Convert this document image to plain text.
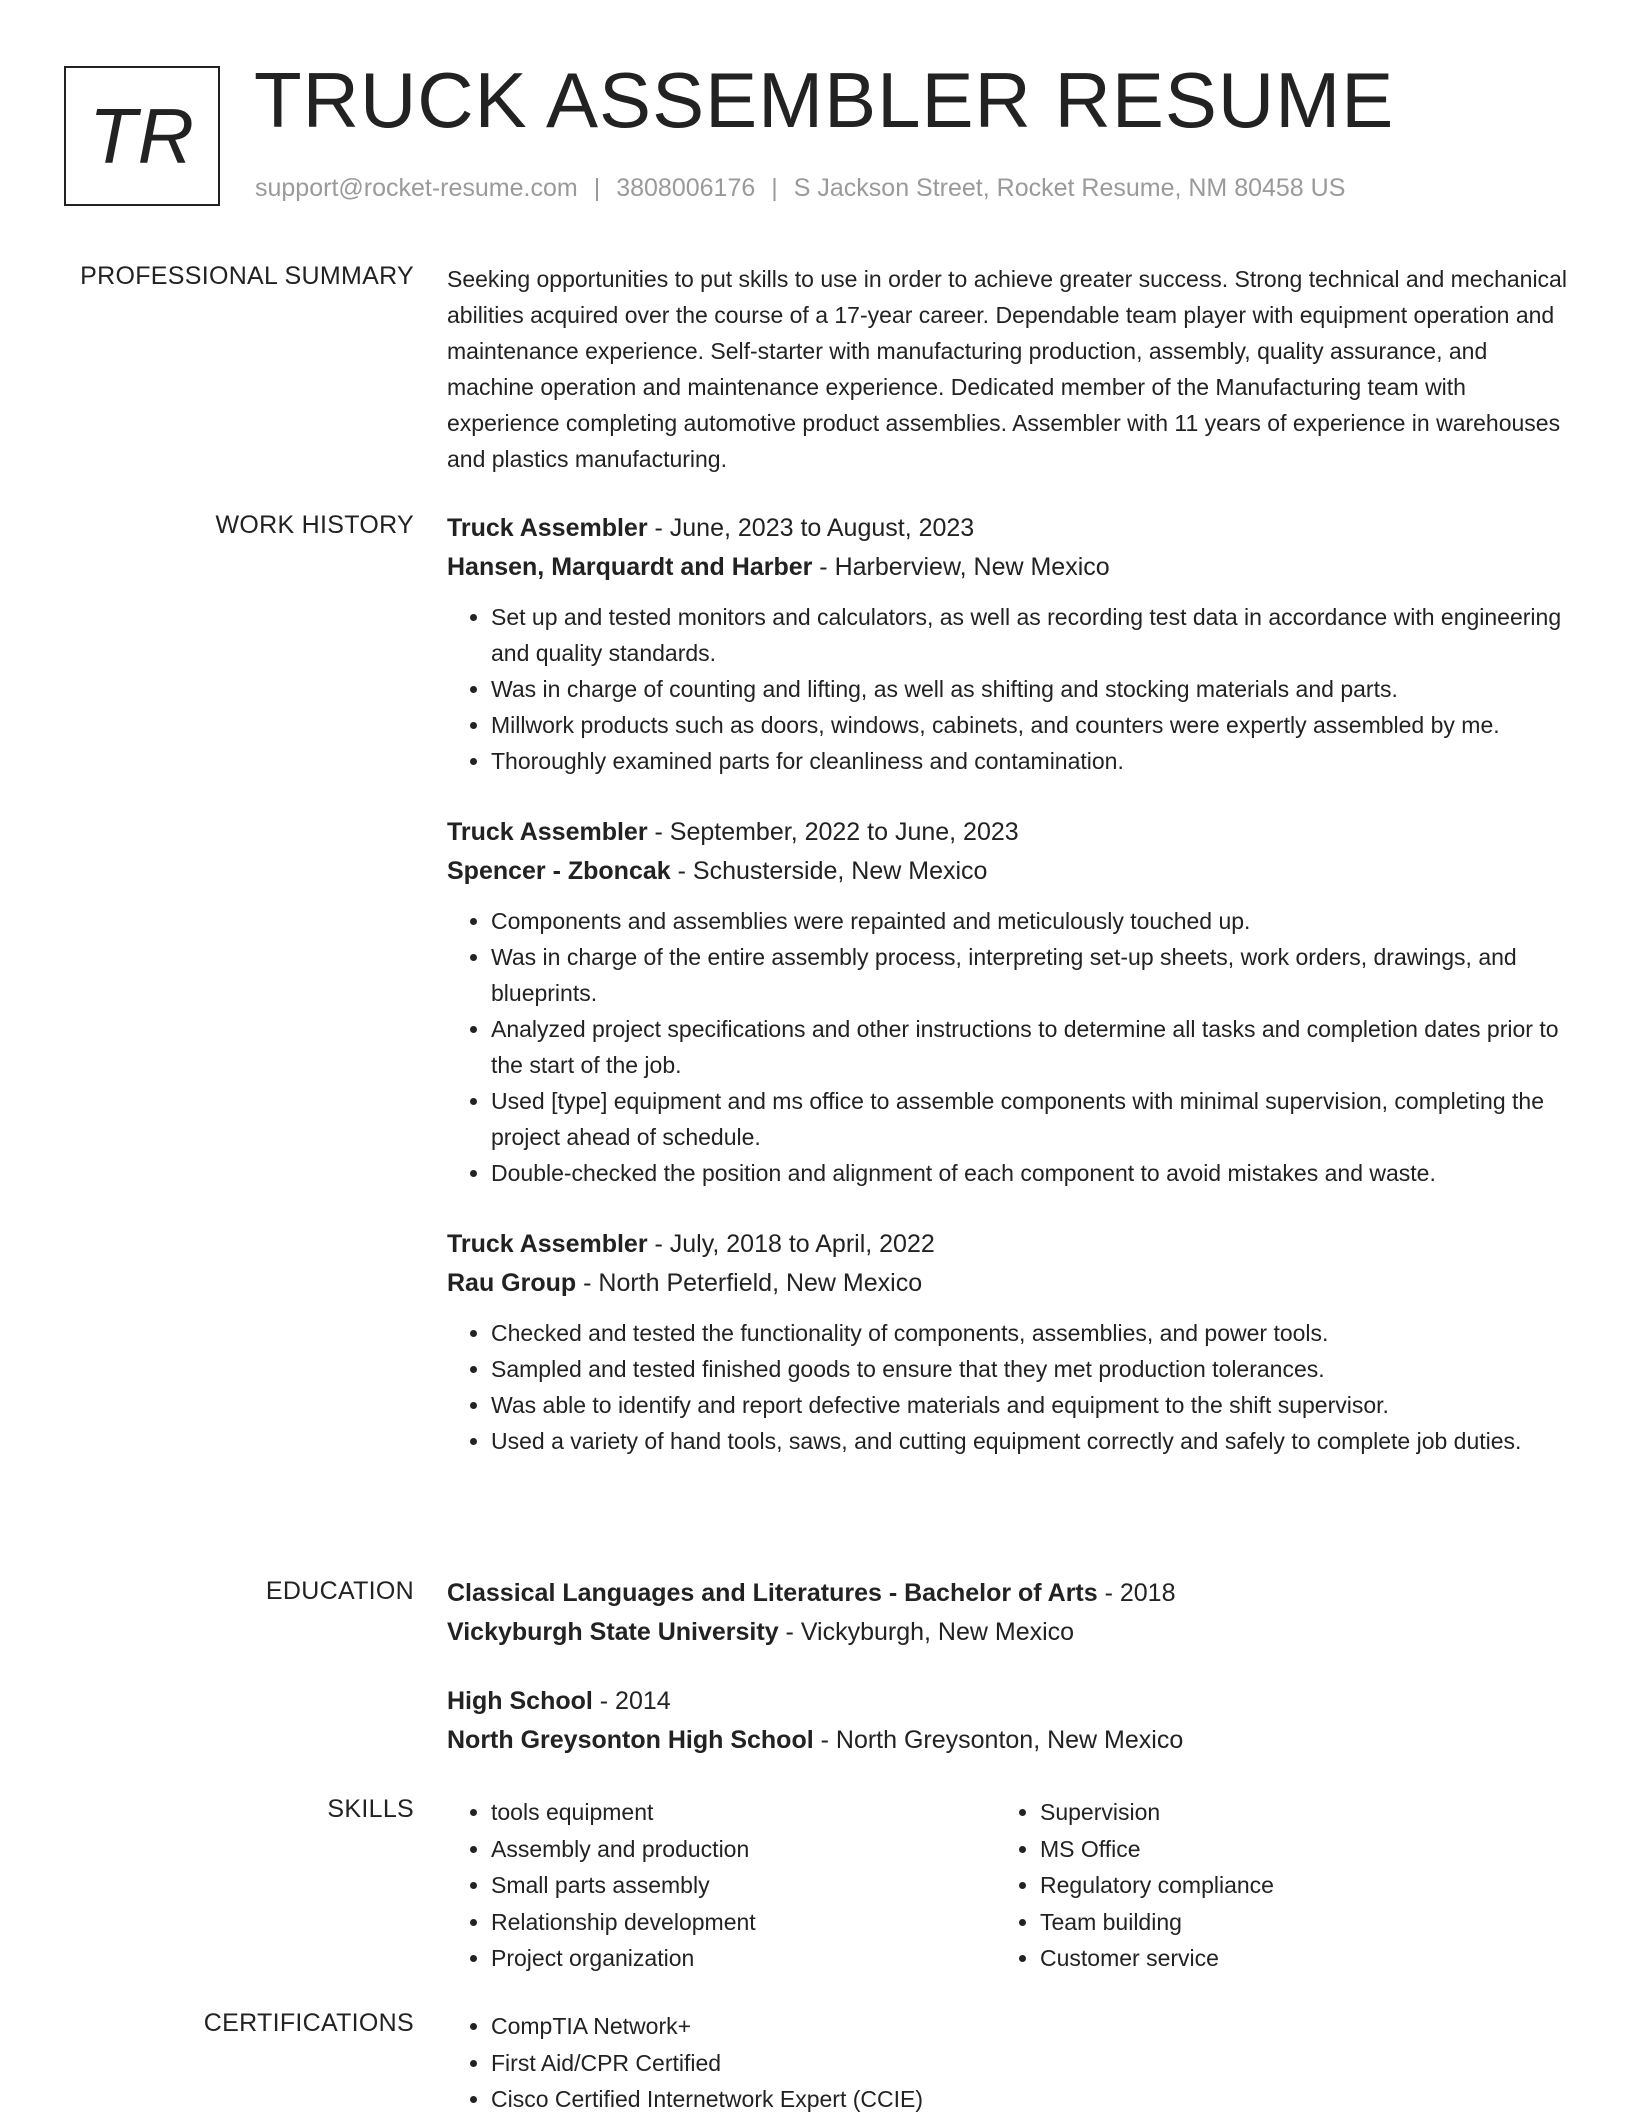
TR TRUCK ASSEMBLER RESUME
support@rocket-resume.com | 3808006176 | S Jackson Street, Rocket Resume, NM 80458 US
PROFESSIONAL SUMMARY Seeking opportunities to put skills to use in order to achieve greater success. Strong technical and mechanical abilities acquired over the course of a 17-year career. Dependable team player with equipment operation and maintenance experience. Self-starter with manufacturing production, assembly, quality assurance, and machine operation and maintenance experience. Dedicated member of the Manufacturing team with experience completing automotive product assemblies. Assembler with 11 years of experience in warehouses and plastics manufacturing.

WORK HISTORY Truck Assembler - June, 2023 to August, 2023

Hansen, Marquardt and Harber - Harberview, New Mexico

• Set up and tested monitors and calculators, as well as recording test data in accordance with engineering and quality standards.
• Was in charge of counting and lifting, as well as shifting and stocking materials and parts.
• Millwork products such as doors, windows, cabinets, and counters were expertly assembled by me.
• Thoroughly examined parts for cleanliness and contamination.

Truck Assembler - September, 2022 to June, 2023

Spencer - Zboncak - Schusterside, New Mexico

• Components and assemblies were repainted and meticulously touched up.
• Was in charge of the entire assembly process, interpreting set-up sheets, work orders, drawings, and blueprints.
• Analyzed project specifications and other instructions to determine all tasks and completion dates prior to the start of the job.
• Used [type] equipment and ms office to assemble components with minimal supervision, completing the project ahead of schedule.
• Double-checked the position and alignment of each component to avoid mistakes and waste.

Truck Assembler - July, 2018 to April, 2022

Rau Group - North Peterfield, New Mexico

• Checked and tested the functionality of components, assemblies, and power tools.
• Sampled and tested finished goods to ensure that they met production tolerances.
• Was able to identify and report defective materials and equipment to the shift supervisor.
• Used a variety of hand tools, saws, and cutting equipment correctly and safely to complete job duties.
EDUCATION Classical Languages and Literatures - Bachelor of Arts - 2018

Vickyburgh State University - Vickyburgh, New Mexico

High School - 2014

North Greysonton High School - North Greysonton, New Mexico

SKILLS	• tools equipment
• Assembly and production
• Small parts assembly
• Relationship development
• Project organization
• Supervision
• MS Office
• Regulatory compliance
• Team building
• Customer service
CERTIFICATIONS	• CompTIA Network+
• First Aid/CPR Certified
• Cisco Certified Internetwork Expert (CCIE)
